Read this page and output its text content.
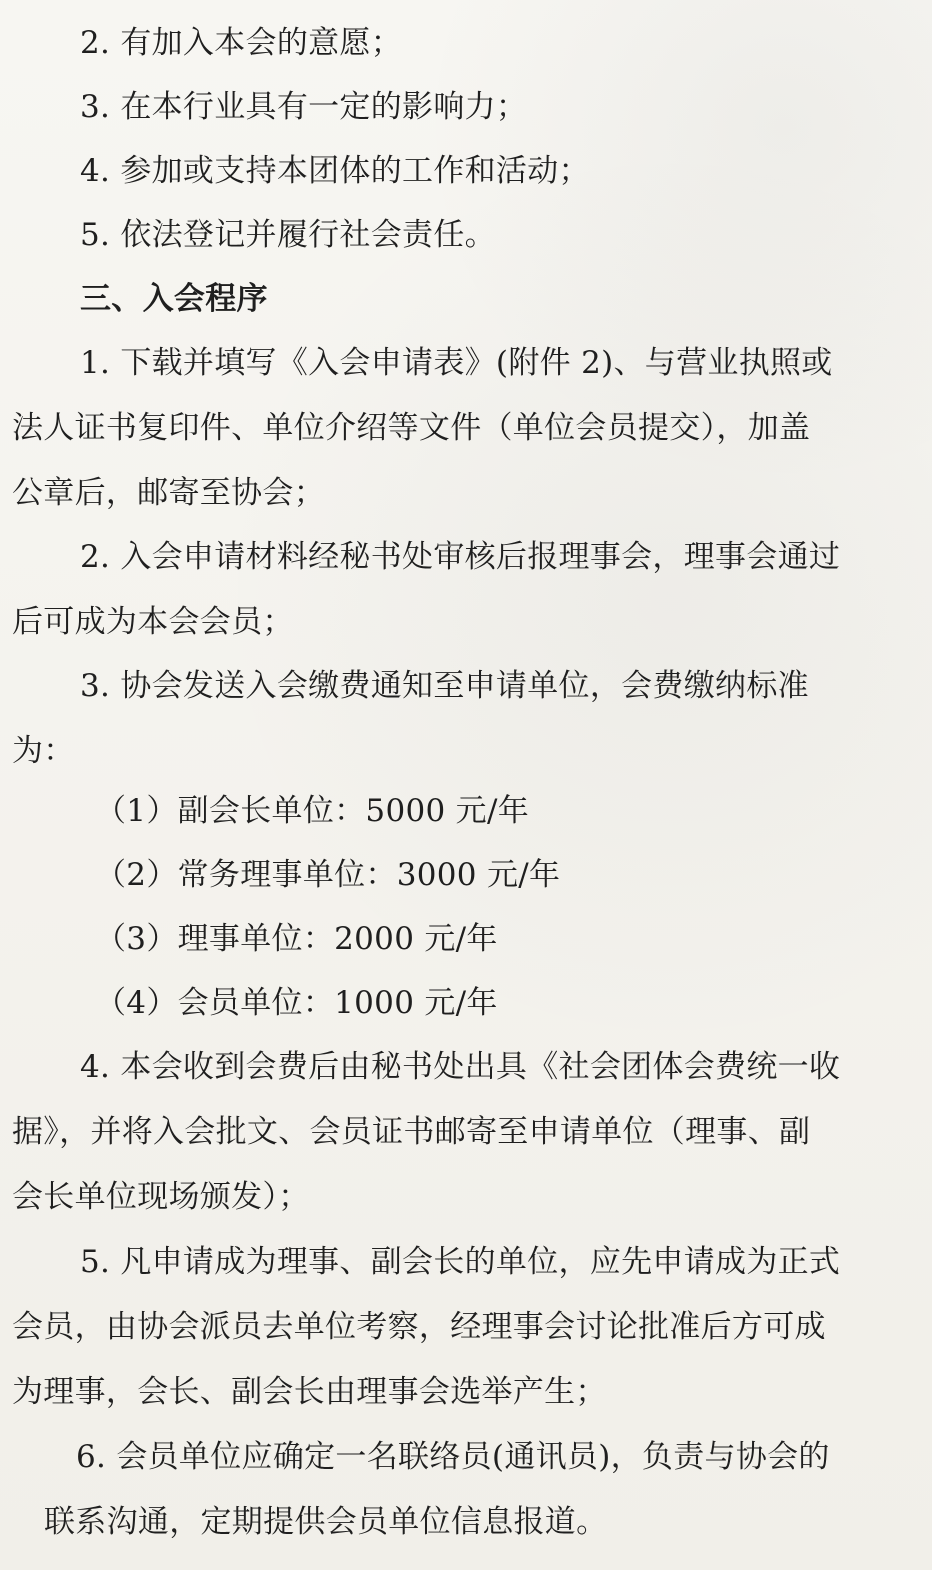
2. 有加入本会的意愿；
3. 在本行业具有一定的影响力；
4. 参加或支持本团体的工作和活动；
5. 依法登记并履行社会责任。
三、入会程序
1. 下载并填写《入会申请表》(附件 2)、与营业执照或
法人证书复印件、单位介绍等文件（单位会员提交），加盖
公章后，邮寄至协会；
2. 入会申请材料经秘书处审核后报理事会，理事会通过
后可成为本会会员；
3. 协会发送入会缴费通知至申请单位，会费缴纳标准
为：
（1）副会长单位：5000 元/年
（2）常务理事单位：3000 元/年
（3）理事单位：2000 元/年
（4）会员单位：1000 元/年
4. 本会收到会费后由秘书处出具《社会团体会费统一收
据》，并将入会批文、会员证书邮寄至申请单位（理事、副
会长单位现场颁发）；
5. 凡申请成为理事、副会长的单位，应先申请成为正式
会员，由协会派员去单位考察，经理事会讨论批准后方可成
为理事，会长、副会长由理事会选举产生；
6. 会员单位应确定一名联络员(通讯员)，负责与协会的
联系沟通，定期提供会员单位信息报道。
